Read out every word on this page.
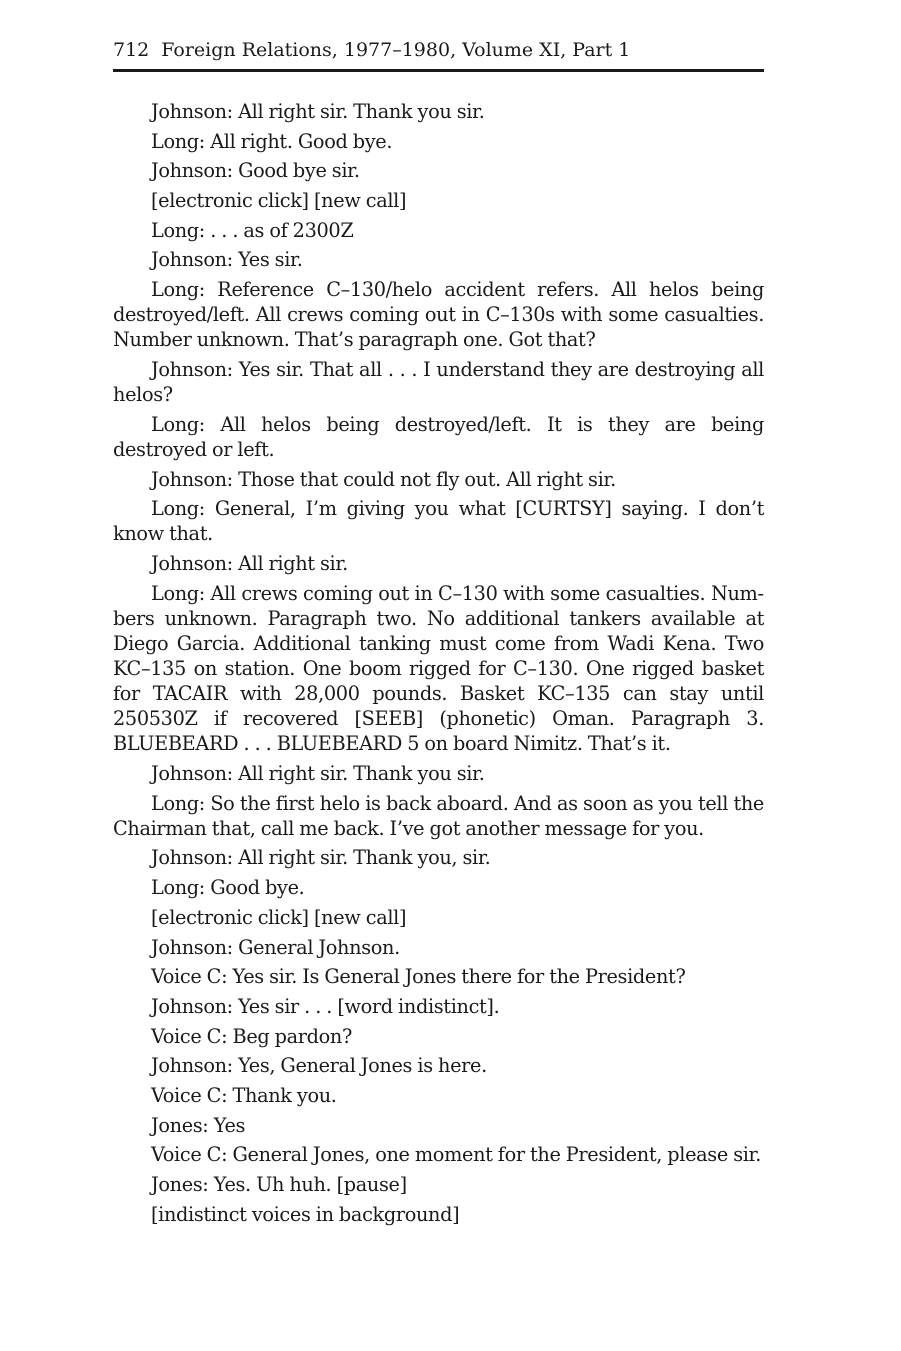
712 Foreign Relations, 1977–1980, Volume XI, Part 1

Johnson: All right sir. Thank you sir.

Long: All right. Good bye.

Johnson: Good bye sir.

[electronic click] [new call]

Long: . . . as of 2300Z

Johnson: Yes sir.

Long: Reference C–130/helo accident refers. All helos being destroyed/left. All crews coming out in C–130s with some casualties. Number unknown. That’s paragraph one. Got that?

Johnson: Yes sir. That all . . . I understand they are destroying all helos?

Long: All helos being destroyed/left. It is they are being destroyed or left.

Johnson: Those that could not fly out. All right sir.

Long: General, I’m giving you what [CURTSY] saying. I don’t know that.

Johnson: All right sir.

Long: All crews coming out in C–130 with some casualties. Numbers unknown. Paragraph two. No additional tankers available at Diego Garcia. Additional tanking must come from Wadi Kena. Two KC–135 on station. One boom rigged for C–130. One rigged basket for TACAIR with 28,000 pounds. Basket KC–135 can stay until 250530Z if recovered [SEEB] (phonetic) Oman. Paragraph 3. BLUEBEARD . . . BLUEBEARD 5 on board Nimitz. That’s it.

Johnson: All right sir. Thank you sir.

Long: So the first helo is back aboard. And as soon as you tell the Chairman that, call me back. I’ve got another message for you.

Johnson: All right sir. Thank you, sir.

Long: Good bye.

[electronic click] [new call]

Johnson: General Johnson.

Voice C: Yes sir. Is General Jones there for the President?

Johnson: Yes sir . . . [word indistinct].

Voice C: Beg pardon?

Johnson: Yes, General Jones is here.

Voice C: Thank you.

Jones: Yes

Voice C: General Jones, one moment for the President, please sir.

Jones: Yes. Uh huh. [pause]

[indistinct voices in background]
